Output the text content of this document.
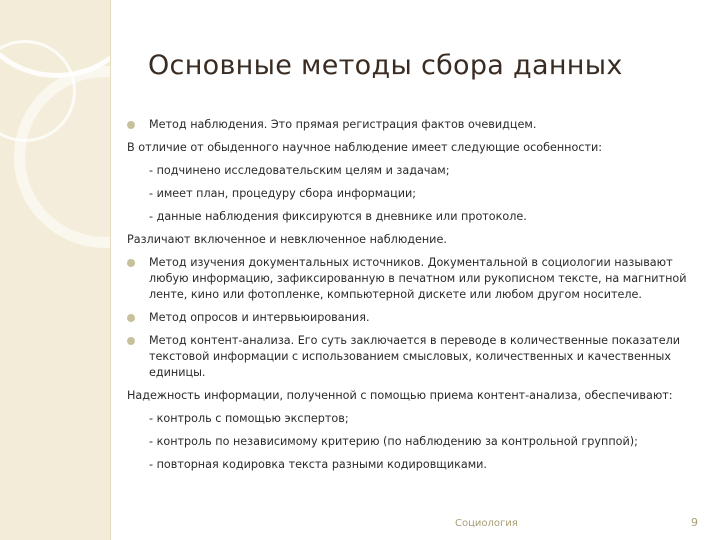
Основные методы сбора данных
Метод наблюдения. Это прямая регистрация фактов очевидцем.
В отличие от обыденного научное наблюдение имеет следующие особенности:
- подчинено исследовательским целям и задачам;
- имеет план, процедуру сбора информации;
- данные наблюдения фиксируются в дневнике или протоколе.
Различают включенное и невключенное наблюдение.
Метод изучения документальных источников. Документальной в социологии называют любую информацию, зафиксированную в печатном или рукописном тексте, на магнитной ленте, кино или фотопленке, компьютерной дискете или любом другом носителе.
Метод опросов и интервьюирования.
Метод контент-анализа. Его суть заключается в переводе в количественные показатели текстовой информации с использованием смысловых, количественных и качественных единицы.
Надежность информации, полученной с помощью приема контент-анализа, обеспечивают:
- контроль с помощью экспертов;
- контроль по независимому критерию (по наблюдению за контрольной группой);
- повторная кодировка текста разными кодировщиками.
Социология	9
